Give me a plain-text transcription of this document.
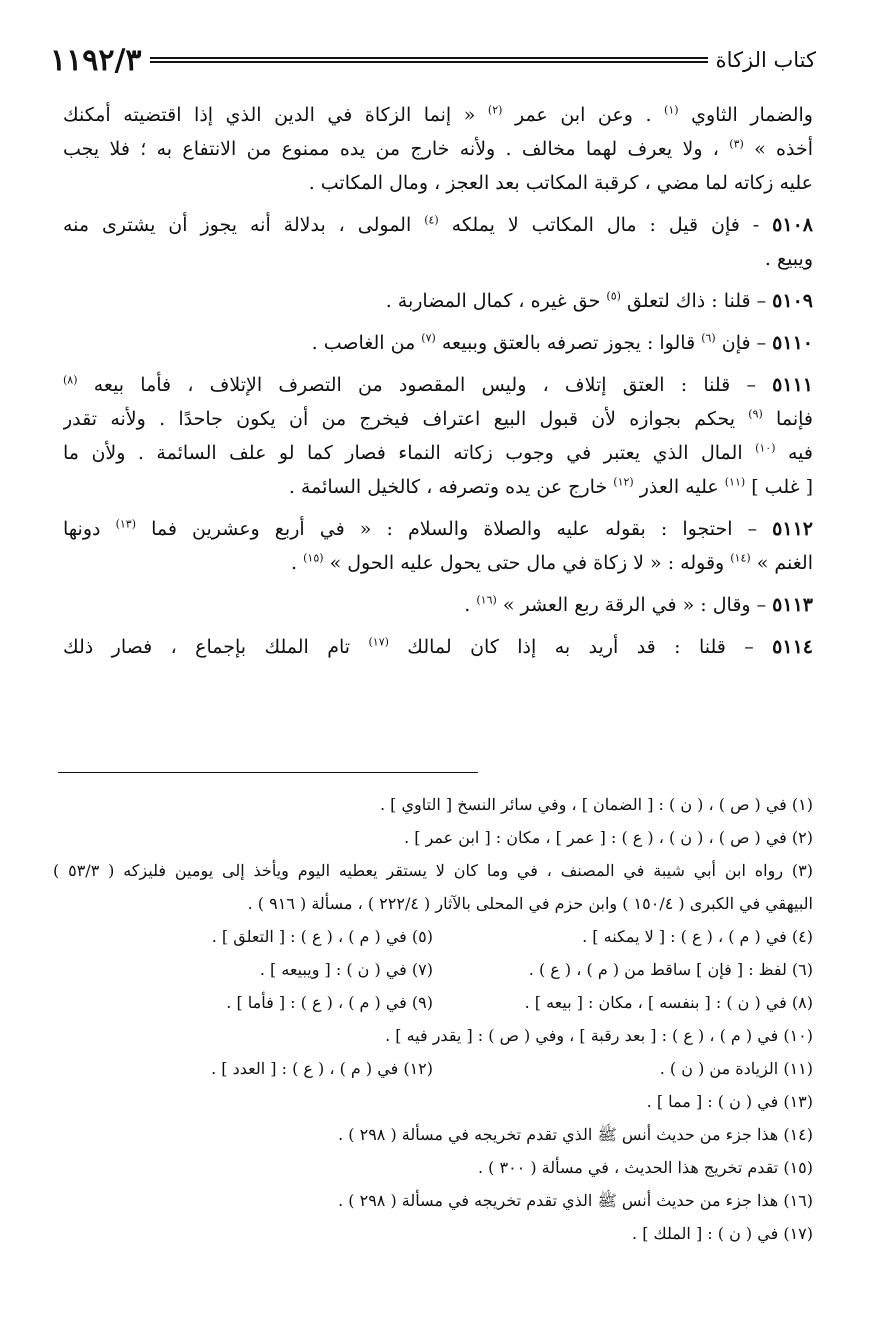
كتاب الزكاة
١١٩٢/٣
والضمار الثاوي $^{(١)}$ . وعن ابن عمر $^{(٢)}$ « إنما الزكاة في الدين الذي إذا اقتضيته أمكنك
أخذه » $^{(٣)}$ ، ولا يعرف لهما مخالف . ولأنه خارج من يده ممنوع من الانتفاع به ؛ فلا يجب
عليه زكاته لما مضي ، كرقبة المكاتب بعد العجز ، ومال المكاتب .
٥١٠٨ - فإن قيل : مال المكاتب لا يملكه $^{(٤)}$ المولى ، بدلالة أنه يجوز أن يشترى منه
ويبيع .
٥١٠٩ – قلنا : ذاك لتعلق $^{(٥)}$ حق غيره ، كمال المضاربة .
٥١١٠ – فإن $^{(٦)}$ قالوا : يجوز تصرفه بالعتق وببيعه $^{(٧)}$ من الغاصب .
٥١١١ – قلنا : العتق إتلاف ، وليس المقصود من التصرف الإتلاف ، فأما بيعه $^{(٨)}$
فإنما $^{(٩)}$ يحكم بجوازه لأن قبول البيع اعتراف فيخرج من أن يكون جاحدًا . ولأنه تقدر
فيه $^{(١٠)}$ المال الذي يعتبر في وجوب زكاته النماء فصار كما لو علف السائمة . ولأن ما
[ غلب ] $^{(١١)}$ عليه العذر $^{(١٢)}$ خارج عن يده وتصرفه ، كالخيل السائمة .
٥١١٢ – احتجوا : بقوله عليه والصلاة والسلام : « في أربع وعشرين فما $^{(١٣)}$ دونها
الغنم » $^{(١٤)}$ وقوله : « لا زكاة في مال حتى يحول عليه الحول » $^{(١٥)}$ .
٥١١٣ – وقال : « في الرقة ربع العشر » $^{(١٦)}$ .
٥١١٤ – قلنا : قد أريد به إذا كان لمالك $^{(١٧)}$ تام الملك بإجماع ، فصار ذلك
(١) في ( ص ) ، ( ن ) : [ الضمان ] ، وفي سائر النسخ [ التاوي ] .
(٢) في ( ص ) ، ( ن ) ، ( ع ) : [ عمر ] ، مكان : [ ابن عمر ] .
(٣) رواه ابن أبي شيبة في المصنف ، في وما كان لا يستقر يعطيه اليوم ويأخذ إلى يومين فليزكه ( ٥٣/٣ )
البيهقي في الكبرى ( ١٥٠/٤ ) وابن حزم في المحلى بالآثار ( ٢٢٢/٤ ) ، مسألة ( ٩١٦ ) .
(٤) في ( م ) ، ( ع ) : [ لا يمكنه ] .
(٥) في ( م ) ، ( ع ) : [ التعلق ] .
(٦) لفظ : [ فإن ] ساقط من ( م ) ، ( ع ) .
(٧) في ( ن ) : [ ويبيعه ] .
(٨) في ( ن ) : [ بنفسه ] ، مكان : [ بيعه ] .
(٩) في ( م ) ، ( ع ) : [ فأما ] .
(١٠) في ( م ) ، ( ع ) : [ بعد رقبة ] ، وفي ( ص ) : [ يقدر فيه ] .
(١١) الزيادة من ( ن ) .
(١٢) في ( م ) ، ( ع ) : [ العدد ] .
(١٣) في ( ن ) : [ مما ] .
(١٤) هذا جزء من حديث أنس ﷺ الذي تقدم تخريجه في مسألة ( ٢٩٨ ) .
(١٥) تقدم تخريج هذا الحديث ، في مسألة ( ٣٠٠ ) .
(١٦) هذا جزء من حديث أنس ﷺ الذي تقدم تخريجه في مسألة ( ٢٩٨ ) .
(١٧) في ( ن ) : [ الملك ] .
